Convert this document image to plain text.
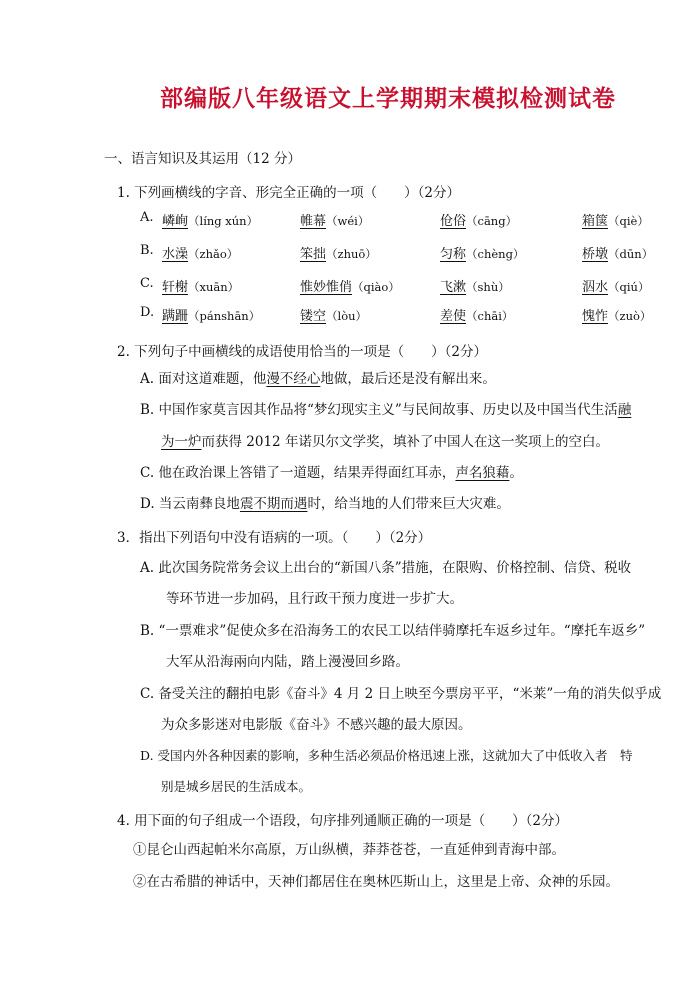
部编版八年级语文上学期期末模拟检测试卷
一、语言知识及其运用（12 分）
1. 下列画横线的字音、形完全正确的一项（　　）（2分）
A. 嶙峋（líng xún）	帷幕（wéi）	伧俗（cāng）	箱箧（qiè）
B. 水澡（zhǎo）	笨拙（zhuō）	匀称（chèng）	桥墩（dūn）
C. 轩榭（xuān）	惟妙惟俏（qiào）	飞漱（shù）	泅水（qiú）
D. 蹒跚（pánshān）	镂空（lòu）	差使（chāi）	愧怍（zuò）
2. 下列句子中画横线的成语使用恰当的一项是（　　）（2分）
A. 面对这道难题，他漫不经心地做，最后还是没有解出来。
B. 中国作家莫言因其作品将“梦幻现实主义”与民间故事、历史以及中国当代生活融
为一炉而获得 2012 年诺贝尔文学奖，填补了中国人在这一奖项上的空白。
C. 他在政治课上答错了一道题，结果弄得面红耳赤，声名狼藉。
D. 当云南彝良地震不期而遇时，给当地的人们带来巨大灾难。
3．指出下列语句中没有语病的一项。（　　）（2分）
A. 此次国务院常务会议上出台的“新国八条”措施，在限购、价格控制、信贷、税收
等环节进一步加码，且行政干预力度进一步扩大。
B. “一票难求”促使众多在沿海务工的农民工以结伴骑摩托车返乡过年。“摩托车返乡”
大军从沿海兩向内陆，踏上漫漫回乡路。
C. 备受关注的翻拍电影《奋斗》4 月 2 日上映至今票房平平，“米莱”一角的消失似乎成
为众多影迷对电影版《奋斗》不感兴趣的最大原因。
D. 受国内外各种因素的影响，多种生活必须品价格迅速上涨，这就加大了中低收入者　特
别是城乡居民的生活成本。
4. 用下面的句子组成一个语段，句序排列通顺正确的一项是（　　）（2分）
①昆仑山西起帕米尔高原，万山纵横，莽莽苍苍，一直延伸到青海中部。
②在古希腊的神话中，天神们都居住在奥林匹斯山上，这里是上帝、众神的乐园。
